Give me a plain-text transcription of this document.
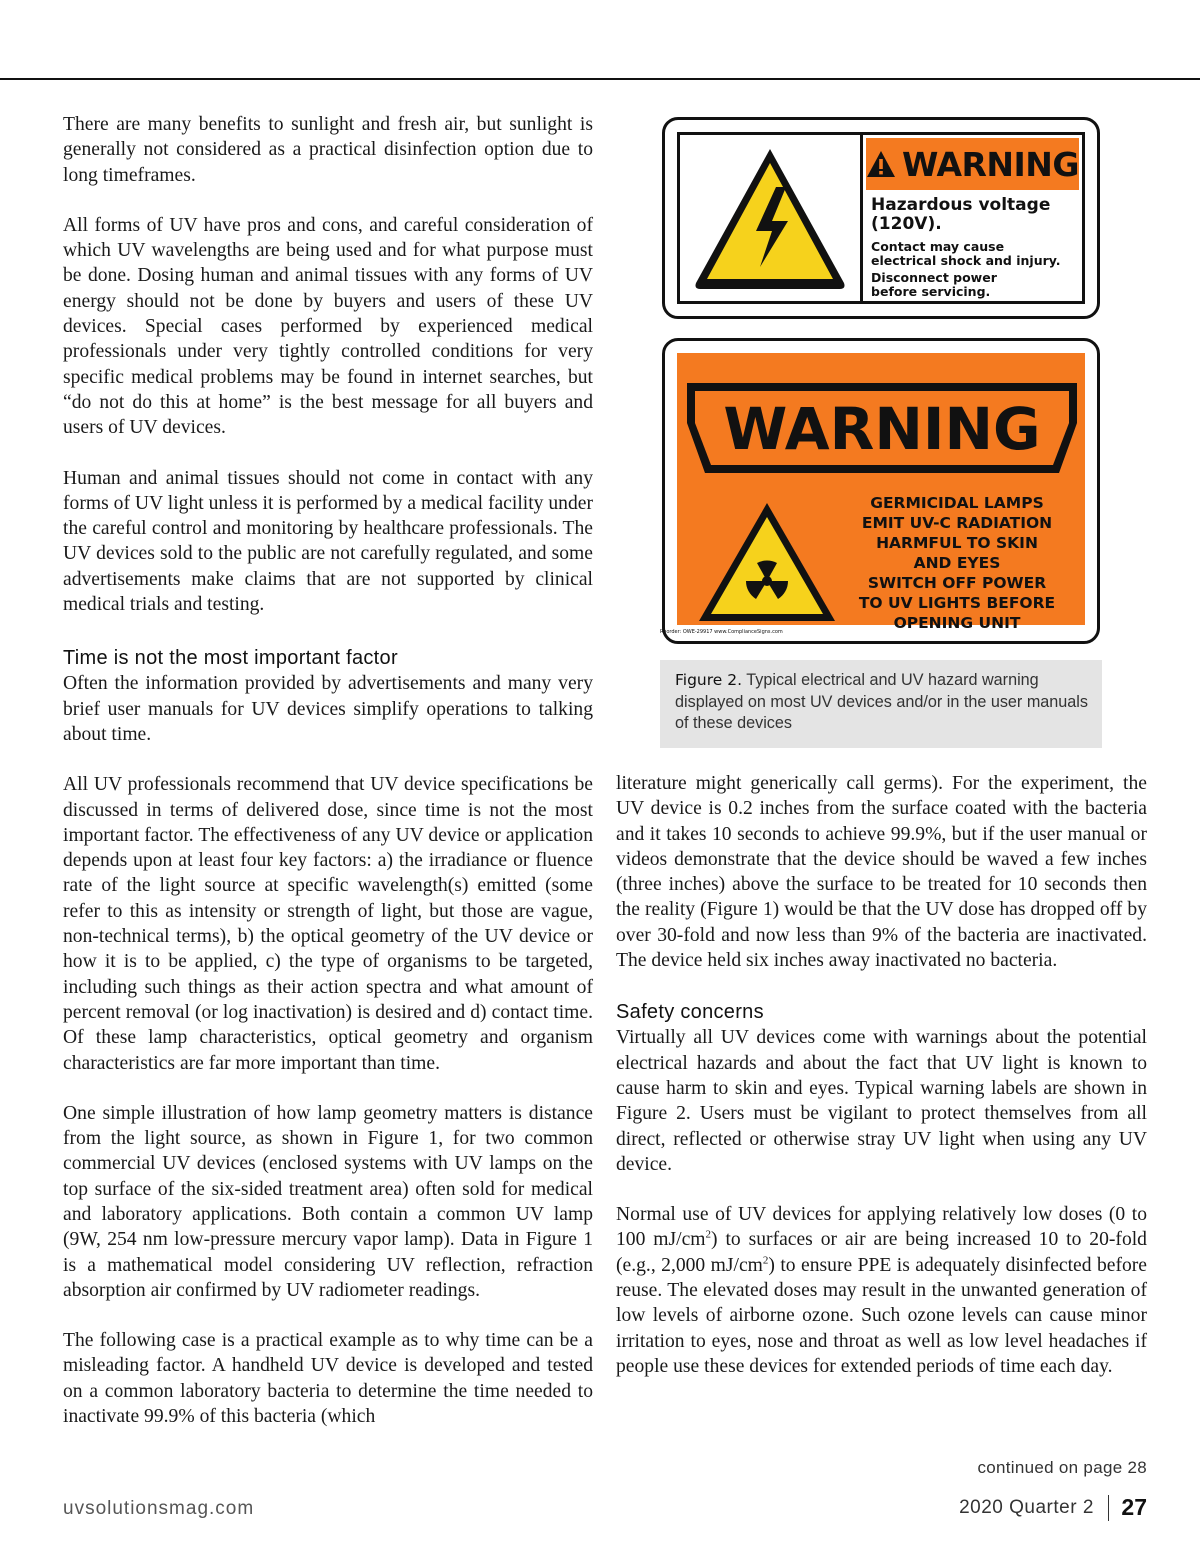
There are many benefits to sunlight and fresh air, but sunlight is generally not considered as a practical disinfection option due to long timeframes.

All forms of UV have pros and cons, and careful consideration of which UV wavelengths are being used and for what purpose must be done. Dosing human and animal tissues with any forms of UV energy should not be done by buyers and users of these UV devices. Special cases performed by experienced medical professionals under very tightly controlled conditions for very specific medical problems may be found in internet searches, but “do not do this at home” is the best message for all buyers and users of UV devices.

Human and animal tissues should not come in contact with any forms of UV light unless it is performed by a medical facility under the careful control and monitoring by healthcare professionals. The UV devices sold to the public are not carefully regulated, and some advertisements make claims that are not supported by clinical medical trials and testing.

Time is not the most important factor

Often the information provided by advertisements and many very brief user manuals for UV devices simplify operations to talking about time.

All UV professionals recommend that UV device specifications be discussed in terms of delivered dose, since time is not the most important factor. The effectiveness of any UV device or application depends upon at least four key factors: a) the irradiance or fluence rate of the light source at specific wavelength(s) emitted (some refer to this as intensity or strength of light, but those are vague, non-technical terms), b) the optical geometry of the UV device or how it is to be applied, c) the type of organisms to be targeted, including such things as their action spectra and what amount of percent removal (or log inactivation) is desired and d) contact time. Of these lamp characteristics, optical geometry and organism characteristics are far more important than time.

One simple illustration of how lamp geometry matters is distance from the light source, as shown in Figure 1, for two common commercial UV devices (enclosed systems with UV lamps on the top surface of the six-sided treatment area) often sold for medical and laboratory applications. Both contain a common UV lamp (9W, 254 nm low-pressure mercury vapor lamp). Data in Figure 1 is a mathematical model considering UV reflection, refraction absorption air confirmed by UV radiometer readings.

The following case is a practical example as to why time can be a misleading factor. A handheld UV device is developed and tested on a common laboratory bacteria to determine the time needed to inactivate 99.9% of this bacteria (which

WARNING
Hazardous voltage
(120V).
Contact may cause
electrical shock and injury.
Disconnect power
before servicing.
WARNING
GERMICIDAL LAMPS
EMIT UV-C RADIATION
HARMFUL TO SKIN
AND EYES
SWITCH OFF POWER
TO UV LIGHTS BEFORE
OPENING UNIT
Reorder: OWE-29917 www.ComplianceSigns.com
Figure 2. Typical electrical and UV hazard warning displayed on most UV devices and/or in the user manuals of these devices

literature might generically call germs). For the experiment, the UV device is 0.2 inches from the surface coated with the bacteria and it takes 10 seconds to achieve 99.9%, but if the user manual or videos demonstrate that the device should be waved a few inches (three inches) above the surface to be treated for 10 seconds then the reality (Figure 1) would be that the UV dose has dropped off by over 30-fold and now less than 9% of the bacteria are inactivated. The device held six inches away inactivated no bacteria.

Safety concerns

Virtually all UV devices come with warnings about the potential electrical hazards and about the fact that UV light is known to cause harm to skin and eyes. Typical warning labels are shown in Figure 2. Users must be vigilant to protect themselves from all direct, reflected or otherwise stray UV light when using any UV device.

Normal use of UV devices for applying relatively low doses (0 to 100 $mJ/cm^2$) to surfaces or air are being increased 10 to 20-fold (e.g., 2,000 $mJ/cm^2$) to ensure PPE is adequately disinfected before reuse. The elevated doses may result in the unwanted generation of low levels of airborne ozone. Such ozone levels can cause minor irritation to eyes, nose and throat as well as low level headaches if people use these devices for extended periods of time each day.

continued on page 28
uvsolutionsmag.com	2020 Quarter 2 27
